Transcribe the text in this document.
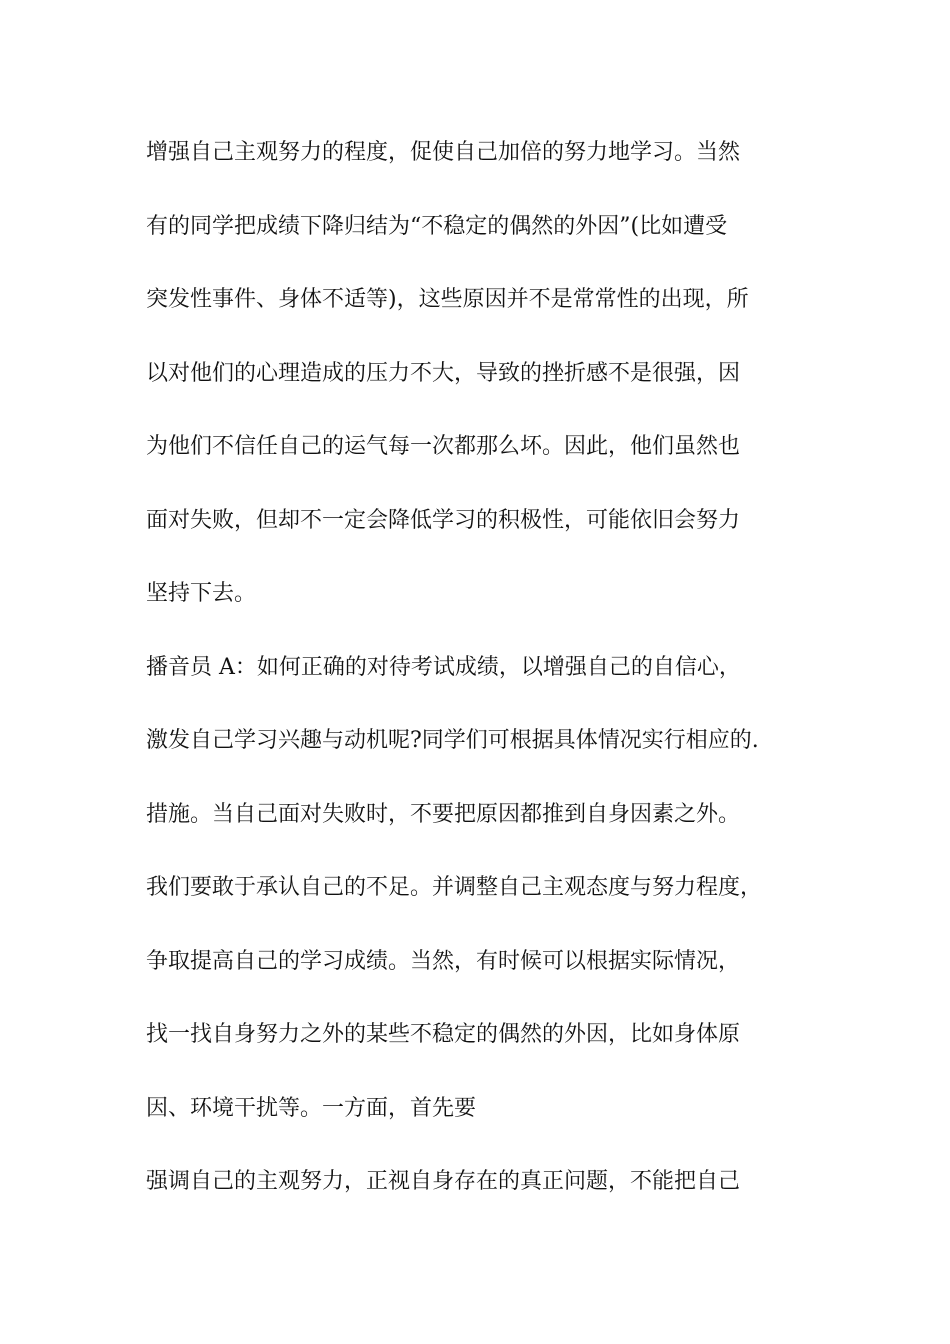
增强自己主观努力的程度，促使自己加倍的努力地学习。当然
有的同学把成绩下降归结为“不稳定的偶然的外因”(比如遭受
突发性事件、身体不适等)，这些原因并不是常常性的出现，所
以对他们的心理造成的压力不大，导致的挫折感不是很强，因
为他们不信任自己的运气每一次都那么坏。因此，他们虽然也
面对失败，但却不一定会降低学习的积极性，可能依旧会努力
坚持下去。
播音员 A：如何正确的对待考试成绩，以增强自己的自信心，
激发自己学习兴趣与动机呢?同学们可根据具体情况实行相应的.
措施。当自己面对失败时，不要把原因都推到自身因素之外。
我们要敢于承认自己的不足。并调整自己主观态度与努力程度，
争取提高自己的学习成绩。当然，有时候可以根据实际情况，
找一找自身努力之外的某些不稳定的偶然的外因，比如身体原
因、环境干扰等。一方面，首先要
强调自己的主观努力，正视自身存在的真正问题，不能把自己
